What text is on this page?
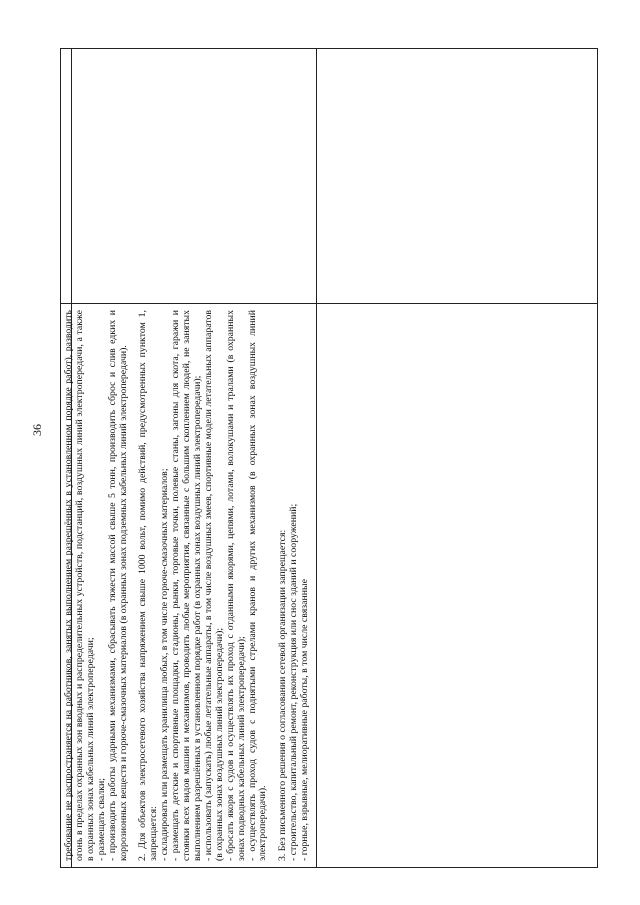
36 требование не распространяется на работников, занятых выполнением разрешённых в установленном порядке работ), разводить огонь в пределах охранных зон вводных и распределительных устройств, подстанций, воздушных линий электропередачи, а также в охранных зонах кабельных линий электропередачи; - размещать свалки; - производить работы ударными механизмами, сбрасывать тяжести массой свыше 5 тонн, производить сброс и слив едких и коррозионных веществ и горюче-смазочных материалов (в охранных зонах подземных кабельных линий электропередачи). 2. Для объектов электросетевого хозяйства напряжением свыше 1000 вольт, помимо действий, предусмотренных пунктом 1, запрещается: - складировать или размещать хранилища любых, в том числе горюче-смазочных материалов; - размещать детские и спортивные площадки, стадионы, рынки, торговые точки, полевые станы, загоны для скота, гаражи и стоянки всех видов машин и механизмов, проводить любые мероприятия, связанные с большим скоплением людей, не занятых выполнением разрешённых в установленном порядке работ (в охранных зонах воздушных линий электропередачи); - использовать (запускать) любые летательные аппараты, в том числе воздушных змеев, спортивные модели летательных аппаратов (в охранных зонах воздушных линий электропередачи); - бросать якоря с судов и осуществлять их проход с отданными якорями, цепями, лотами, волокушами и тралами (в охранных зонах подводных кабельных линий электропередачи); - осуществлять проход судов с поднятыми стрелами кранов и других механизмов (в охранных зонах воздушных линий электропередачи). 3. Без письменного решения о согласовании сетевой организации запрещается: - строительство, капитальный ремонт, реконструкция или снос зданий и сооружений; - горные, взрывные, мелиоративные работы, в том числе связанные
